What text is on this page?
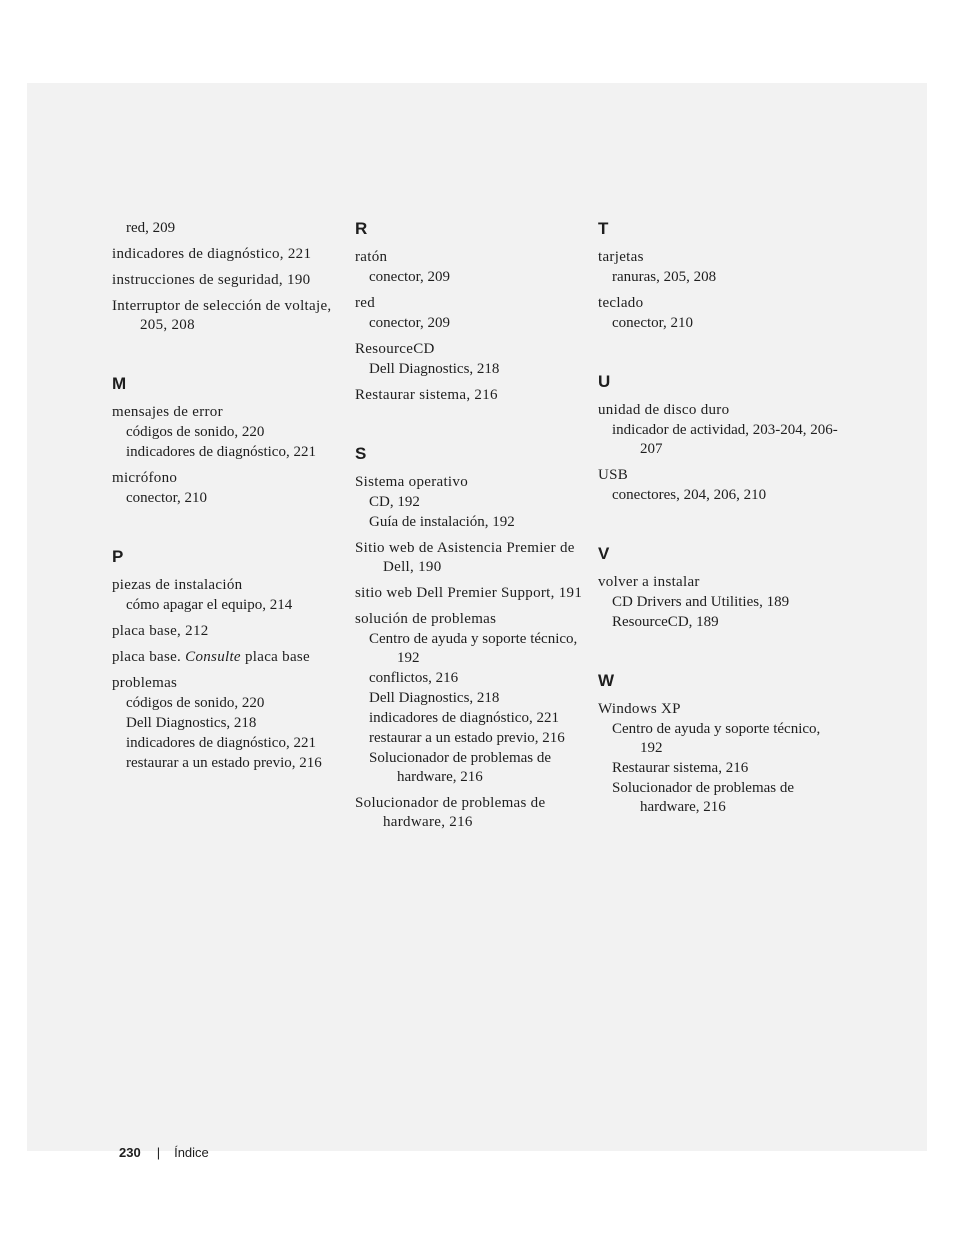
red, 209
indicadores de diagnóstico, 221
instrucciones de seguridad, 190
Interruptor de selección de voltaje, 205, 208
M
mensajes de error
códigos de sonido, 220
indicadores de diagnóstico, 221
micrófono
conector, 210
P
piezas de instalación
cómo apagar el equipo, 214
placa base, 212
placa base. Consulte placa base
problemas
códigos de sonido, 220
Dell Diagnostics, 218
indicadores de diagnóstico, 221
restaurar a un estado previo, 216
R
ratón
conector, 209
red
conector, 209
ResourceCD
Dell Diagnostics, 218
Restaurar sistema, 216
S
Sistema operativo
CD, 192
Guía de instalación, 192
Sitio web de Asistencia Premier de Dell, 190
sitio web Dell Premier Support, 191
solución de problemas
Centro de ayuda y soporte técnico, 192
conflictos, 216
Dell Diagnostics, 218
indicadores de diagnóstico, 221
restaurar a un estado previo, 216
Solucionador de problemas de hardware, 216
Solucionador de problemas de hardware, 216
T
tarjetas
ranuras, 205, 208
teclado
conector, 210
U
unidad de disco duro
indicador de actividad, 203-204, 206-207
USB
conectores, 204, 206, 210
V
volver a instalar
CD Drivers and Utilities, 189
ResourceCD, 189
W
Windows XP
Centro de ayuda y soporte técnico, 192
Restaurar sistema, 216
Solucionador de problemas de hardware, 216
230 | Índice
